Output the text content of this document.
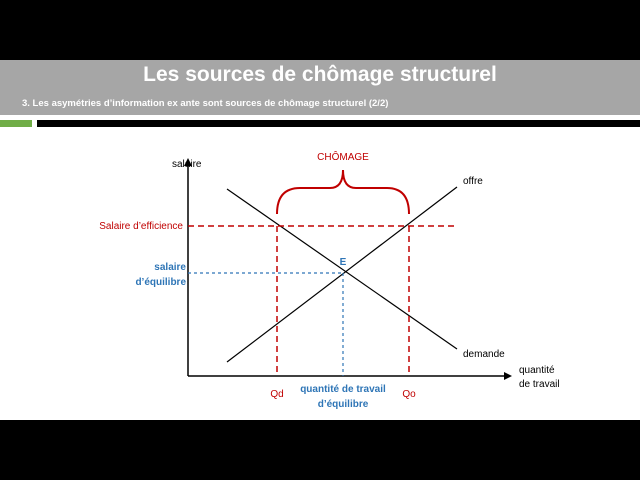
Les sources de chômage structurel
3. Les asymétries d’information ex ante sont sources de chômage structurel (2/2)
salaire
CHÔMAGE
offre
demande
Salaire d’efficience
salaire
d’équilibre
E
quantité
de travail
Qd	Qo
quantité de travail
d’équilibre
